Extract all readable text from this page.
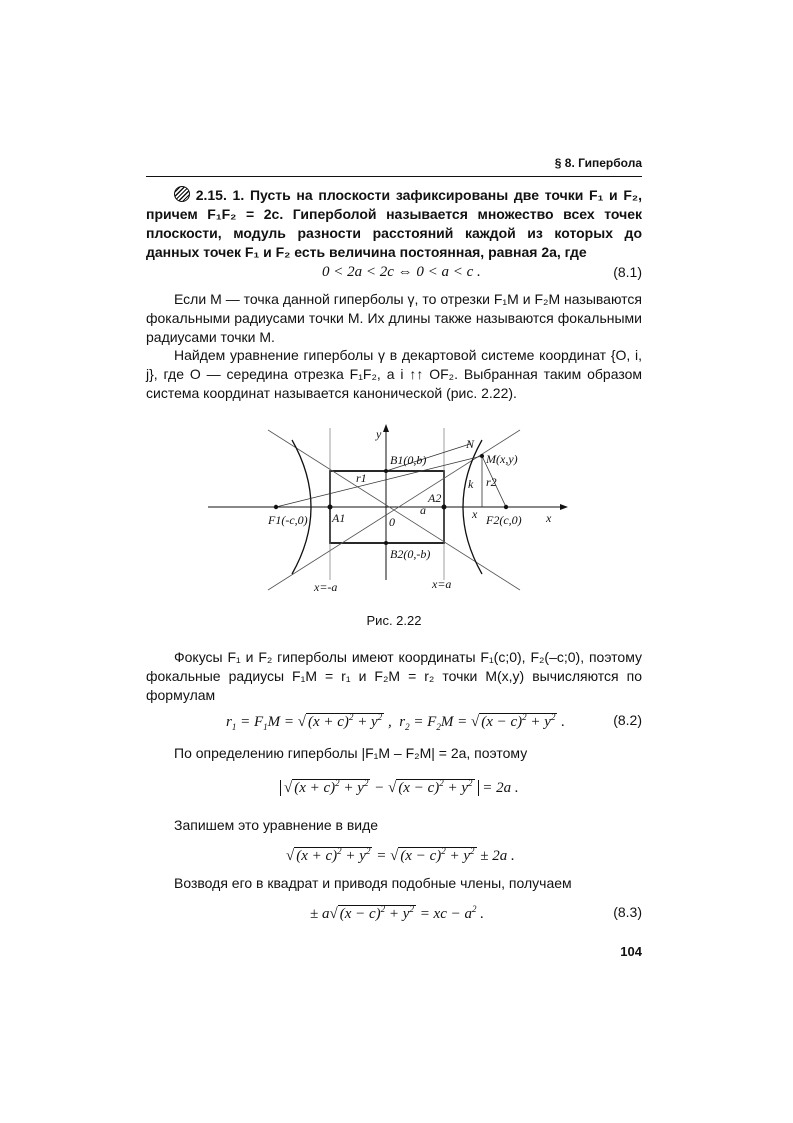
§ 8. Гипербола
2.15. 1. Пусть на плоскости зафиксированы две точки F₁ и F₂, причем F₁F₂ = 2c. Гиперболой называется множество всех точек плоскости, модуль разности расстояний каждой из которых до данных точек F₁ и F₂ есть величина постоянная, равная 2a, где
0 < 2a < 2c ⇔ 0 < a < c .	(8.1)
Если M — точка данной гиперболы γ, то отрезки F₁M и F₂M называются фокальными радиусами точки M. Их длины также называются фокальными радиусами точки M.
Найдем уравнение гиперболы γ в декартовой системе координат {O, i, j}, где O — середина отрезка F₁F₂, а i ↑↑ OF₂. Выбранная таким образом система координат называется канонической (рис. 2.22).
y
x
N
M(x,y)
B1(0,b)
r1	r2
k
A2
a	x
F1(-c,0) A1	0	F2(c,0)
B2(0,-b)
x=-a	x=a
Рис. 2.22
Фокусы F₁ и F₂ гиперболы имеют координаты F₁(c;0), F₂(–c;0), поэтому фокальные радиусы F₁M = r₁ и F₂M = r₂ точки M(x,y) вычисляются по формулам
$r_1 = F_1M$ = √ $(x + c)^2 + y^2$ ,  $r_2 = F_2M$ = √ $(x - c)^2 + y^2$ .	(8.2)
По определению гиперболы |F₁M – F₂M| = 2a, поэтому
√ $(x + c)^2 + y^2$ − √ $(x - c)^2 + y^2 = 2a$ .
Запишем это уравнение в виде
√ $(x + c)^2 + y^2$ = √ $(x - c)^2 + y^2 \pm 2a$ .
Возводя его в квадрат и приводя подобные члены, получаем
± a√ $(x - c)^2 + y^2$ = xc − $a^2$ .	(8.3)
104
